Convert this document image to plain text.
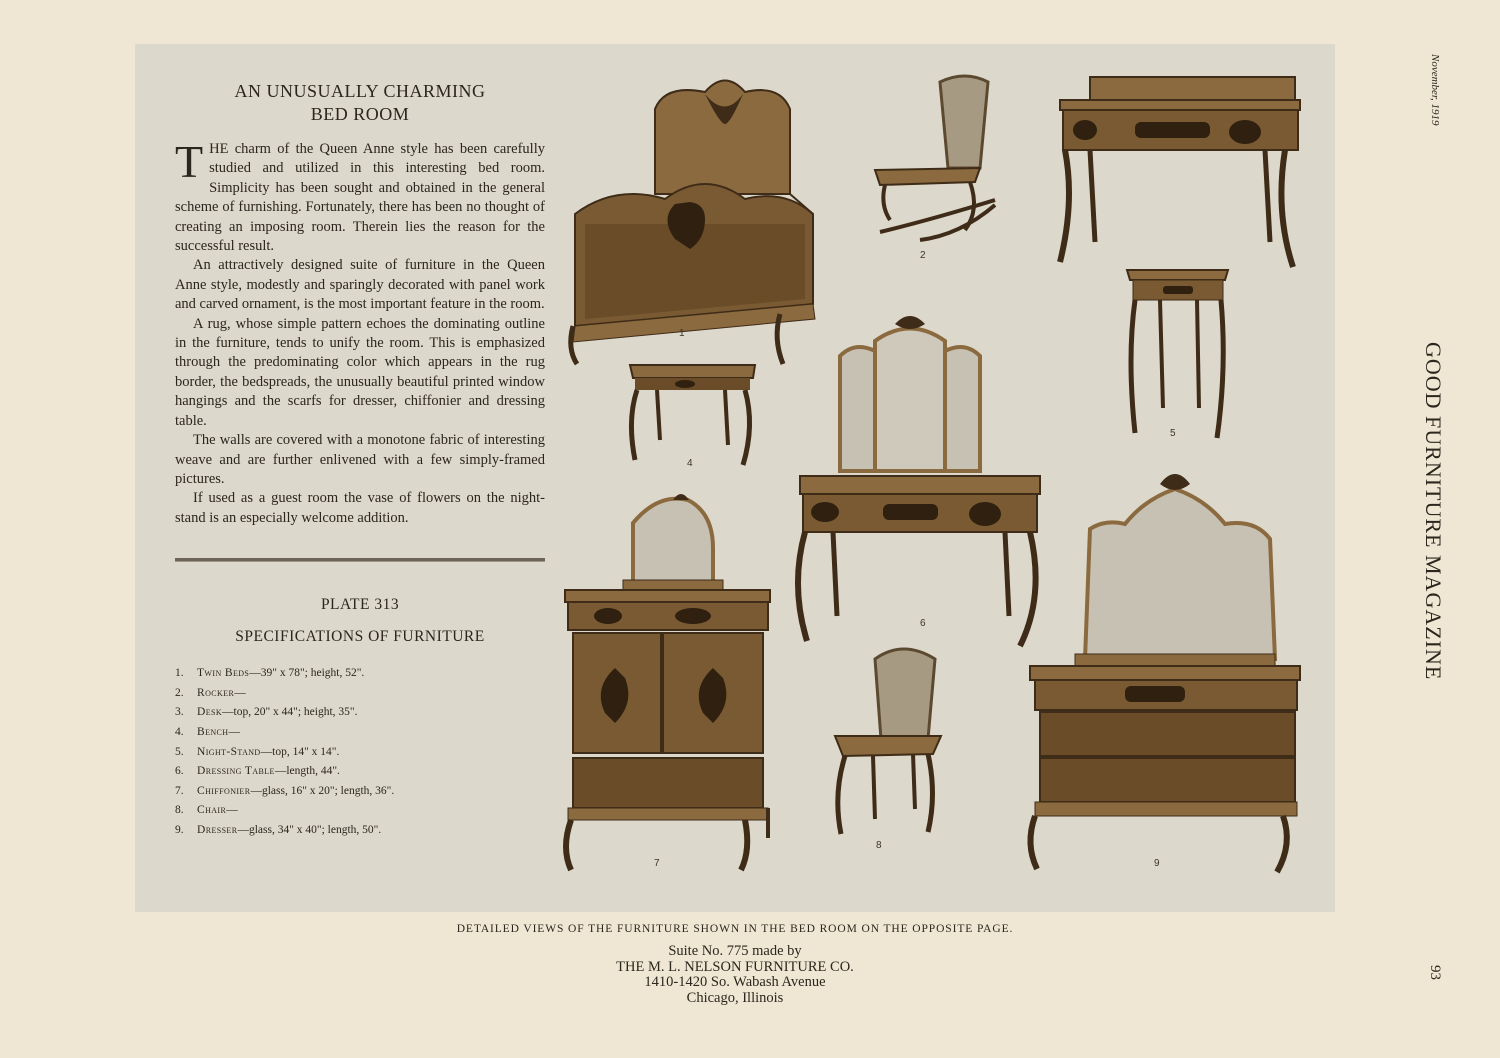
AN UNUSUALLY CHARMING
BED ROOM

THE charm of the Queen Anne style has been carefully studied and utilized in this interesting bed room. Simplicity has been sought and obtained in the general scheme of furnishing. Fortunately, there has been no thought of creating an imposing room. Therein lies the reason for the successful result.

An attractively designed suite of furniture in the Queen Anne style, modestly and sparingly decorated with panel work and carved ornament, is the most important feature in the room.

A rug, whose simple pattern echoes the dominating outline in the furniture, tends to unify the room. This is emphasized through the predominating color which appears in the rug border, the bedspreads, the unusually beautiful printed window hangings and the scarfs for dresser, chiffonier and dressing table.

The walls are covered with a monotone fabric of interesting weave and are further enlivened with a few simply-framed pictures.

If used as a guest room the vase of flowers on the night-stand is an especially welcome addition.

PLATE 313
SPECIFICATIONS OF FURNITURE
1.	Twin Beds —39" x 78"; height, 52".
2.	Rocker —
3.	Desk —top, 20" x 44"; height, 35".
4.	Bench —
5.	Night-Stand —top, 14" x 14".
6.	Dressing Table —length, 44".
7.	Chiffonier —glass, 16" x 20"; length, 36".
8.	Chair —
9.	Dresser —glass, 34" x 40"; length, 50".
1
2
4
5
6
7
8
9
November, 1919
GOOD FURNITURE MAGAZINE
93
DETAILED VIEWS OF THE FURNITURE SHOWN IN THE BED ROOM ON THE OPPOSITE PAGE.
Suite No. 775 made by
THE M. L. NELSON FURNITURE CO.
1410-1420 So. Wabash Avenue
Chicago, Illinois
